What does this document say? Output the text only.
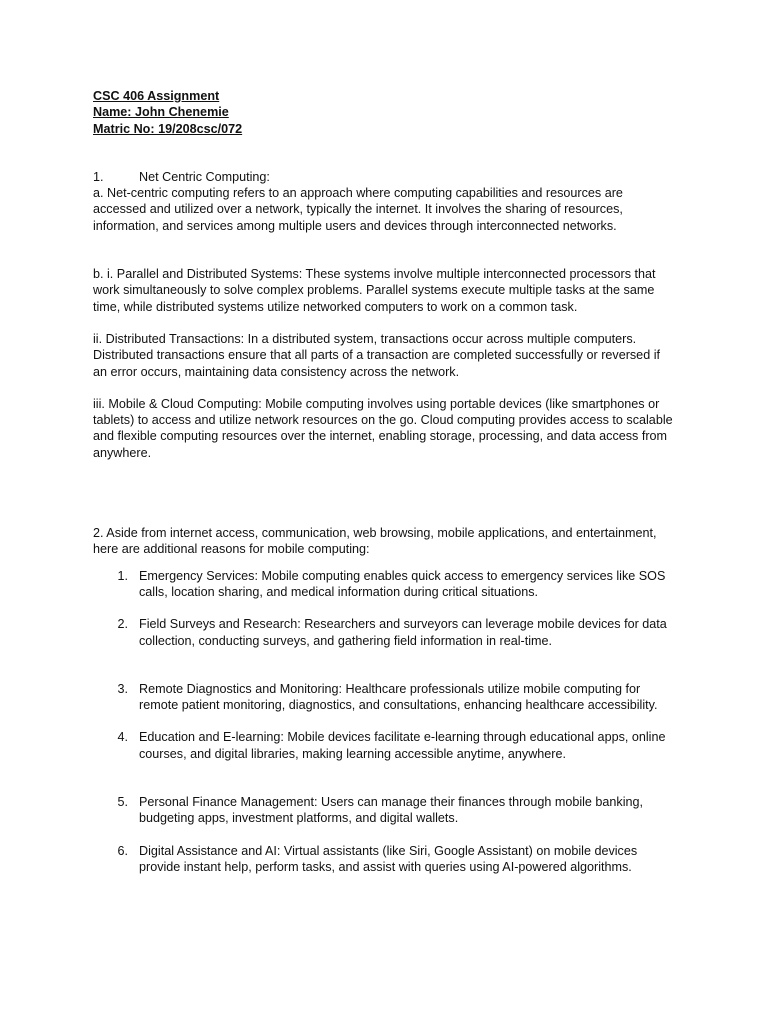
CSC 406 Assignment

Name: John Chenemie

Matric No: 19/208csc/072

1.	Net Centric Computing:

a. Net-centric computing refers to an approach where computing capabilities and resources are accessed and utilized over a network, typically the internet. It involves the sharing of resources, information, and services among multiple users and devices through interconnected networks.

b. i. Parallel and Distributed Systems: These systems involve multiple interconnected processors that work simultaneously to solve complex problems. Parallel systems execute multiple tasks at the same time, while distributed systems utilize networked computers to work on a common task.

ii. Distributed Transactions: In a distributed system, transactions occur across multiple computers. Distributed transactions ensure that all parts of a transaction are completed successfully or reversed if an error occurs, maintaining data consistency across the network.

iii. Mobile & Cloud Computing: Mobile computing involves using portable devices (like smartphones or tablets) to access and utilize network resources on the go. Cloud computing provides access to scalable and flexible computing resources over the internet, enabling storage, processing, and data access from anywhere.

2. Aside from internet access, communication, web browsing, mobile applications, and entertainment, here are additional reasons for mobile computing:

1. Emergency Services: Mobile computing enables quick access to emergency services like SOS calls, location sharing, and medical information during critical situations.
2. Field Surveys and Research: Researchers and surveyors can leverage mobile devices for data collection, conducting surveys, and gathering field information in real-time.
3. Remote Diagnostics and Monitoring: Healthcare professionals utilize mobile computing for remote patient monitoring, diagnostics, and consultations, enhancing healthcare accessibility.
4. Education and E-learning: Mobile devices facilitate e-learning through educational apps, online courses, and digital libraries, making learning accessible anytime, anywhere.
5. Personal Finance Management: Users can manage their finances through mobile banking, budgeting apps, investment platforms, and digital wallets.
6. Digital Assistance and AI: Virtual assistants (like Siri, Google Assistant) on mobile devices provide instant help, perform tasks, and assist with queries using AI-powered algorithms.
